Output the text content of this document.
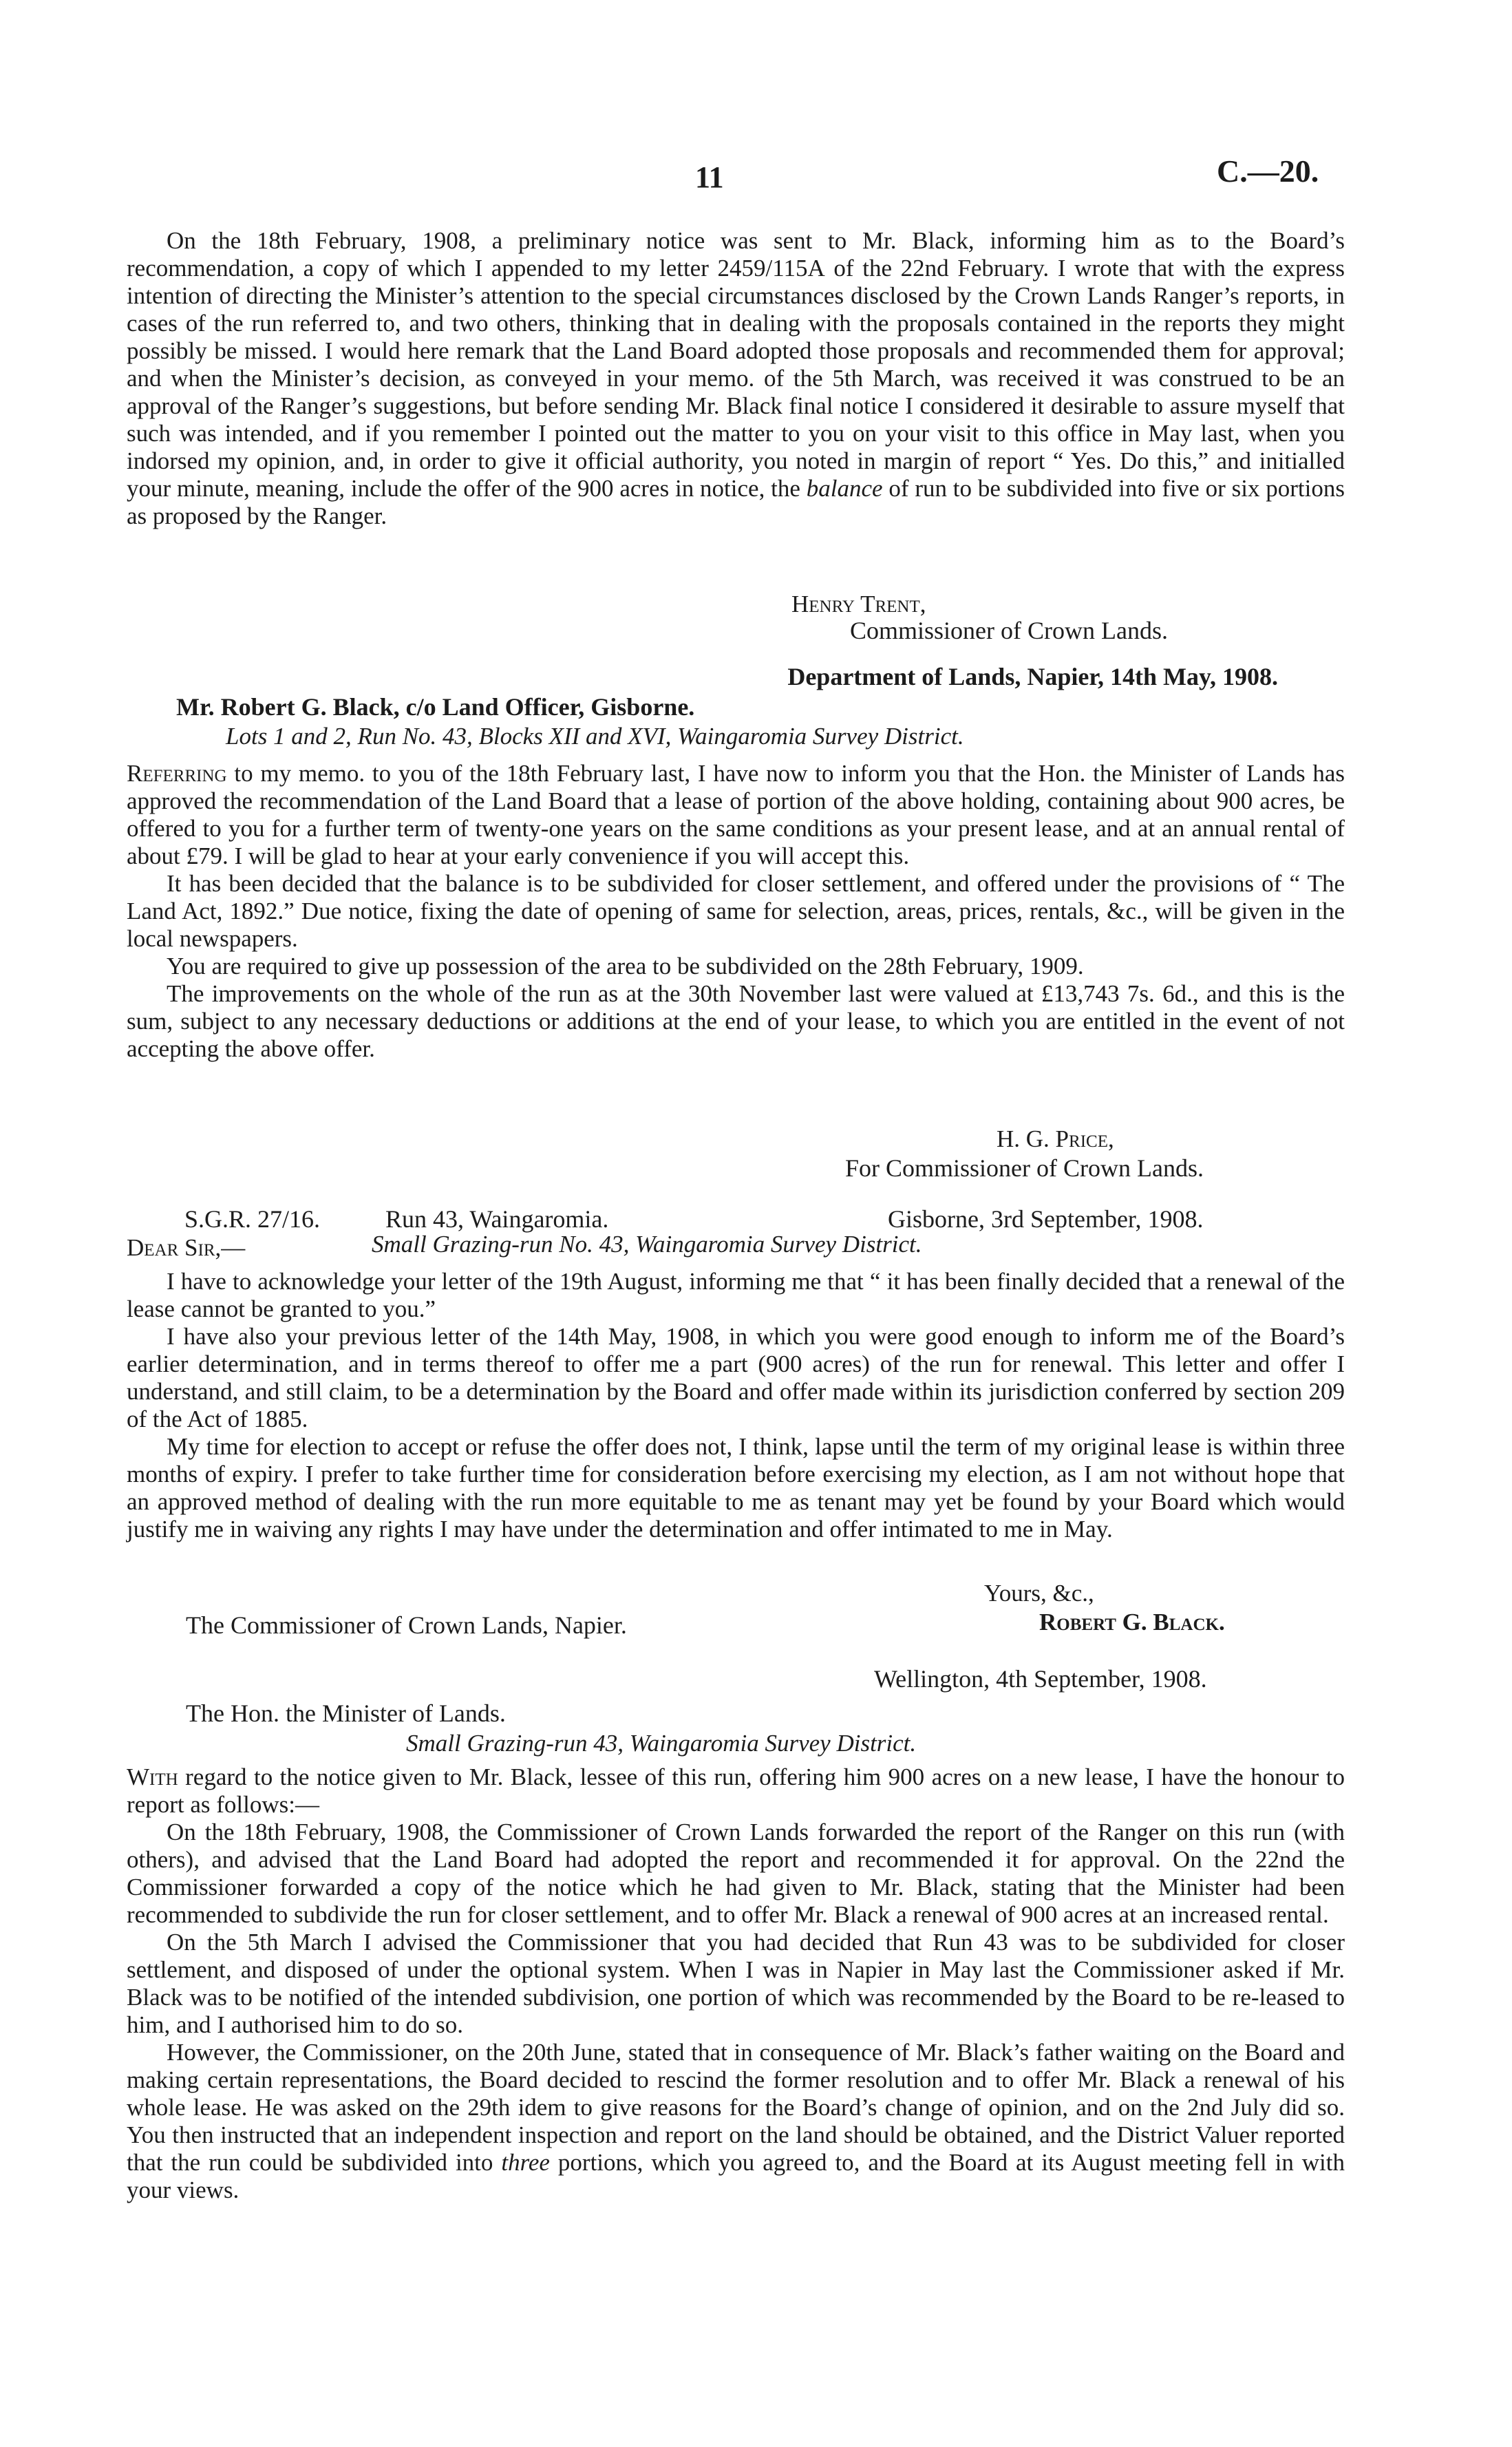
11	C.—20.

On the 18th February, 1908, a preliminary notice was sent to Mr. Black, informing him as to the Board’s recommendation, a copy of which I appended to my letter 2459/115A of the 22nd February. I wrote that with the express intention of directing the Minister’s attention to the special circumstances disclosed by the Crown Lands Ranger’s reports, in cases of the run referred to, and two others, thinking that in dealing with the proposals contained in the reports they might possibly be missed. I would here remark that the Land Board adopted those proposals and recommended them for approval; and when the Minister’s decision, as conveyed in your memo. of the 5th March, was received it was construed to be an approval of the Ranger’s suggestions, but before sending Mr. Black final notice I considered it desirable to assure myself that such was intended, and if you remember I pointed out the matter to you on your visit to this office in May last, when you indorsed my opinion, and, in order to give it official authority, you noted in margin of report “ Yes. Do this,” and initialled your minute, meaning, include the offer of the 900 acres in notice, the balance of run to be subdivided into five or six portions as proposed by the Ranger.

Henry Trent,
Commissioner of Crown Lands.
Department of Lands, Napier, 14th May, 1908.
Mr. Robert G. Black, c/o Land Officer, Gisborne.
Lots 1 and 2, Run No. 43, Blocks XII and XVI, Waingaromia Survey District.

Referring to my memo. to you of the 18th February last, I have now to inform you that the Hon. the Minister of Lands has approved the recommendation of the Land Board that a lease of portion of the above holding, containing about 900 acres, be offered to you for a further term of twenty-one years on the same conditions as your present lease, and at an annual rental of about £79. I will be glad to hear at your early convenience if you will accept this.

It has been decided that the balance is to be subdivided for closer settlement, and offered under the provisions of “ The Land Act, 1892.” Due notice, fixing the date of opening of same for selection, areas, prices, rentals, &c., will be given in the local newspapers.

You are required to give up possession of the area to be subdivided on the 28th February, 1909.

The improvements on the whole of the run as at the 30th November last were valued at £13,743 7s. 6d., and this is the sum, subject to any necessary deductions or additions at the end of your lease, to which you are entitled in the event of not accepting the above offer.

H. G. Price,
For Commissioner of Crown Lands.
S.G.R. 27/16.	Run 43, Waingaromia.	Gisborne, 3rd September, 1908.
Dear Sir,—	Small Grazing-run No. 43, Waingaromia Survey District.

I have to acknowledge your letter of the 19th August, informing me that “ it has been finally decided that a renewal of the lease cannot be granted to you.”

I have also your previous letter of the 14th May, 1908, in which you were good enough to inform me of the Board’s earlier determination, and in terms thereof to offer me a part (900 acres) of the run for renewal. This letter and offer I understand, and still claim, to be a determination by the Board and offer made within its jurisdiction conferred by section 209 of the Act of 1885.

My time for election to accept or refuse the offer does not, I think, lapse until the term of my original lease is within three months of expiry. I prefer to take further time for consideration before exercising my election, as I am not without hope that an approved method of dealing with the run more equitable to me as tenant may yet be found by your Board which would justify me in waiving any rights I may have under the determination and offer intimated to me in May.

Yours, &c.,
The Commissioner of Crown Lands, Napier.	Robert G. Black.
Wellington, 4th September, 1908.
The Hon. the Minister of Lands.
Small Grazing-run 43, Waingaromia Survey District.

With regard to the notice given to Mr. Black, lessee of this run, offering him 900 acres on a new lease, I have the honour to report as follows:—

On the 18th February, 1908, the Commissioner of Crown Lands forwarded the report of the Ranger on this run (with others), and advised that the Land Board had adopted the report and recommended it for approval. On the 22nd the Commissioner forwarded a copy of the notice which he had given to Mr. Black, stating that the Minister had been recommended to subdivide the run for closer settlement, and to offer Mr. Black a renewal of 900 acres at an increased rental.

On the 5th March I advised the Commissioner that you had decided that Run 43 was to be subdivided for closer settlement, and disposed of under the optional system. When I was in Napier in May last the Commissioner asked if Mr. Black was to be notified of the intended subdivision, one portion of which was recommended by the Board to be re-leased to him, and I authorised him to do so.

However, the Commissioner, on the 20th June, stated that in consequence of Mr. Black’s father waiting on the Board and making certain representations, the Board decided to rescind the former resolution and to offer Mr. Black a renewal of his whole lease. He was asked on the 29th idem to give reasons for the Board’s change of opinion, and on the 2nd July did so. You then instructed that an independent inspection and report on the land should be obtained, and the District Valuer reported that the run could be subdivided into three portions, which you agreed to, and the Board at its August meeting fell in with your views.
